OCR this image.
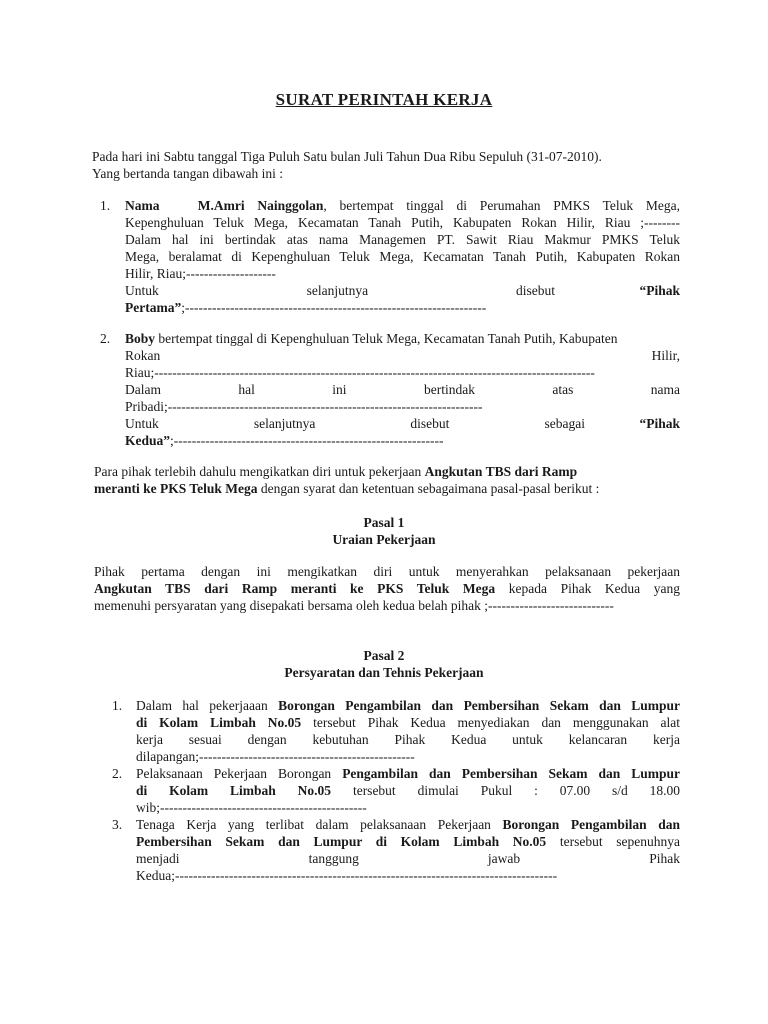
SURAT PERINTAH KERJA

Pada hari ini Sabtu tanggal Tiga Puluh Satu bulan Juli Tahun Dua Ribu Sepuluh (31-07-2010).

Yang bertanda tangan dibawah ini :

1. Nama	M.Amri Nainggolan, bertempat tinggal di Perumahan PMKS Teluk Mega,
Kepenghuluan Teluk Mega, Kecamatan Tanah Putih, Kabupaten Rokan Hilir, Riau ;--------
Dalam hal ini bertindak atas nama Managemen PT. Sawit Riau Makmur PMKS Teluk
Mega, beralamat di Kepenghuluan Teluk Mega, Kecamatan Tanah Putih, Kabupaten Rokan
Hilir, Riau;--------------------
Untuk selanjutnya disebut	“Pihak
Pertama”;-------------------------------------------------------------------
2. Boby bertempat tinggal di Kepenghuluan Teluk Mega, Kecamatan Tanah Putih, Kabupaten
Rokan Hilir,
Riau;--------------------------------------------------------------------------------------------------
Dalam hal ini bertindak atas nama
Pribadi;----------------------------------------------------------------------
Untuk selanjutnya disebut sebagai	“Pihak
Kedua”;------------------------------------------------------------

Para pihak terlebih dahulu mengikatkan diri untuk pekerjaan Angkutan TBS dari Ramp

meranti ke PKS Teluk Mega dengan syarat dan ketentuan sebagaimana pasal-pasal berikut :

Pasal 1
Uraian Pekerjaan

Pihak pertama dengan ini mengikatkan diri untuk menyerahkan pelaksanaan pekerjaan

Angkutan TBS dari Ramp meranti ke PKS Teluk Mega kepada Pihak Kedua yang

memenuhi persyaratan yang disepakati bersama oleh kedua belah pihak ;----------------------------

Pasal 2
Persyaratan dan Tehnis Pekerjaan
1. Dalam hal pekerjaaan Borongan Pengambilan dan Pembersihan Sekam dan Lumpur
di Kolam Limbah No.05 tersebut Pihak Kedua menyediakan dan menggunakan alat
kerja sesuai dengan kebutuhan Pihak Kedua untuk kelancaran kerja
dilapangan;------------------------------------------------
2. Pelaksanaan Pekerjaan Borongan Pengambilan dan Pembersihan Sekam dan Lumpur
di Kolam Limbah No.05 tersebut dimulai Pukul : 07.00 s/d 18.00
wib;----------------------------------------------
3. Tenaga Kerja yang terlibat dalam pelaksanaan Pekerjaan Borongan Pengambilan dan
Pembersihan Sekam dan Lumpur di Kolam Limbah No.05 tersebut sepenuhnya
menjadi tanggung jawab Pihak
Kedua;-------------------------------------------------------------------------------------
